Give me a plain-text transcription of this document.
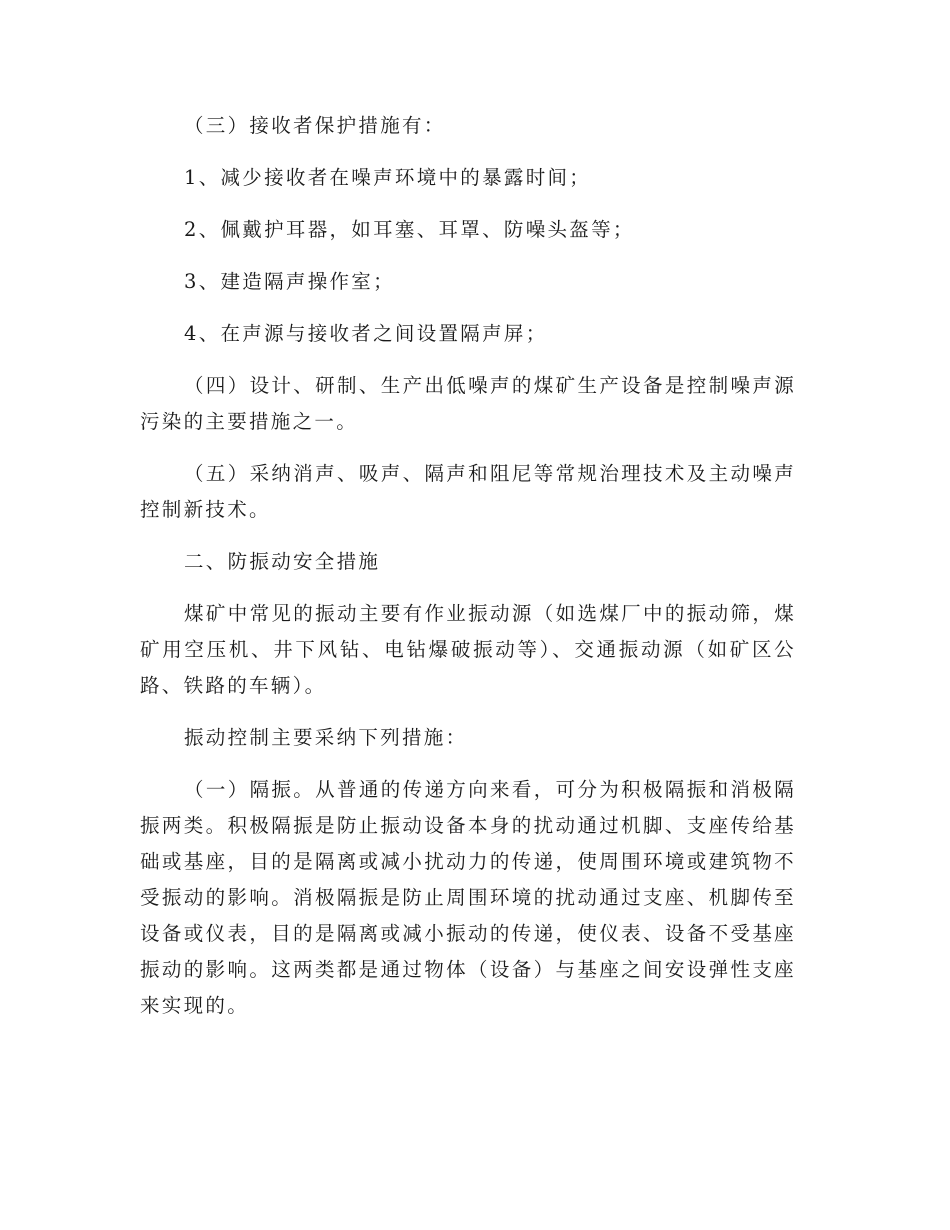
（三）接收者保护措施有：

1、减少接收者在噪声环境中的暴露时间；

2、佩戴护耳器，如耳塞、耳罩、防噪头盔等；

3、建造隔声操作室；

4、在声源与接收者之间设置隔声屏；

（四）设计、研制、生产出低噪声的煤矿生产设备是控制噪声源污染的主要措施之一。

（五）采纳消声、吸声、隔声和阻尼等常规治理技术及主动噪声控制新技术。

二、防振动安全措施

煤矿中常见的振动主要有作业振动源（如选煤厂中的振动筛，煤矿用空压机、井下风钻、电钻爆破振动等）、交通振动源（如矿区公路、铁路的车辆）。

振动控制主要采纳下列措施：

（一）隔振。从普通的传递方向来看，可分为积极隔振和消极隔振两类。积极隔振是防止振动设备本身的扰动通过机脚、支座传给基础或基座，目的是隔离或减小扰动力的传递，使周围环境或建筑物不受振动的影响。消极隔振是防止周围环境的扰动通过支座、机脚传至设备或仪表，目的是隔离或减小振动的传递，使仪表、设备不受基座振动的影响。这两类都是通过物体（设备）与基座之间安设弹性支座来实现的。
